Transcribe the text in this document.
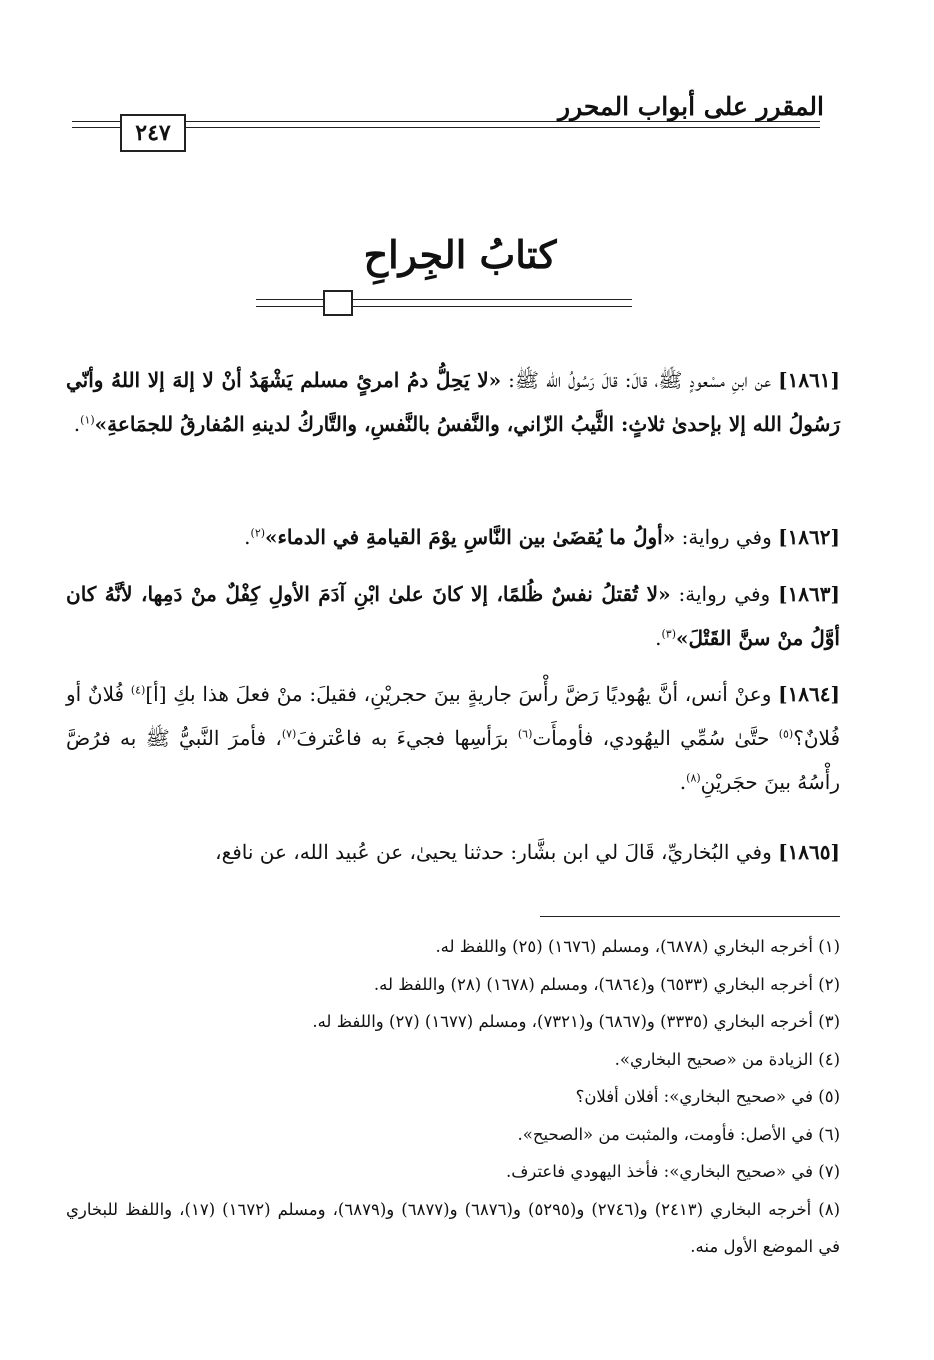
٢٤٧
المقرر على أبواب المحرر
كتابُ الجِراحِ
[١٨٦١] عن ابنِ مسْعودٍ ﷺ، قالَ: قالَ رَسُولُ الله ﷺ: «لا يَحِلُّ دمُ امرئٍ مسلم يَشْهَدُ أنْ لا إلهَ إلا اللهُ وأنّي رَسُولُ الله إلا بإحدىٰ ثلاثٍ: الثَّيبُ الزّاني، والنَّفسُ بالنَّفسِ، والتَّاركُ لدينهِ المُفارقُ للجمَاعةِ»$^{(١)}$.
[١٨٦٢] وفي رواية: «أولُ ما يُقضَىٰ بين النَّاسِ يوْمَ القيامةِ في الدماء»$^{(٢)}$.
[١٨٦٣] وفي رواية: «لا تُقتلُ نفسٌ ظُلمًا، إلا كانَ علىٰ ابْنِ آدَمَ الأولِ كِفْلٌ منْ دَمِها، لأنَّهُ كان أوَّلُ منْ سنَّ القَتْلَ»$^{(٣)}$.
[١٨٦٤] وعنْ أنس، أنَّ يهُوديًا رَضَّ رأْسَ جاريةٍ بينَ حجريْنِ، فقيلَ: منْ فعلَ هذا بكِ [أ]$^{(٤)}$ فُلانٌ أو فُلانٌ؟$^{(٥)}$ حتَّىٰ سُمِّي اليهُودي، فأومأَت$^{(٦)}$ برَأسِها فجيءَ به فاعْترفَ$^{(٧)}$، فأمرَ النَّبيُّ ﷺ به فرُضَّ رأْسُهُ بينَ حجَريْنِ$^{(٨)}$.
[١٨٦٥] وفي البُخاريِّ، قَالَ لي ابن بشَّار: حدثنا يحيىٰ، عن عُبيد الله، عن نافع،
(١) أخرجه البخاري (٦٨٧٨)، ومسلم (١٦٧٦) (٢٥) واللفظ له.
(٢) أخرجه البخاري (٦٥٣٣) و(٦٨٦٤)، ومسلم (١٦٧٨) (٢٨) واللفظ له.
(٣) أخرجه البخاري (٣٣٣٥) و(٦٨٦٧) و(٧٣٢١)، ومسلم (١٦٧٧) (٢٧) واللفظ له.
(٤) الزيادة من «صحيح البخاري».
(٥) في «صحيح البخاري»: أفلان أفلان؟
(٦) في الأصل: فأومت، والمثبت من «الصحيح».
(٧) في «صحيح البخاري»: فأخذ اليهودي فاعترف.
(٨) أخرجه البخاري (٢٤١٣) و(٢٧٤٦) و(٥٢٩٥) و(٦٨٧٦) و(٦٨٧٧) و(٦٨٧٩)، ومسلم (١٦٧٢) (١٧)، واللفظ للبخاري في الموضع الأول منه.
